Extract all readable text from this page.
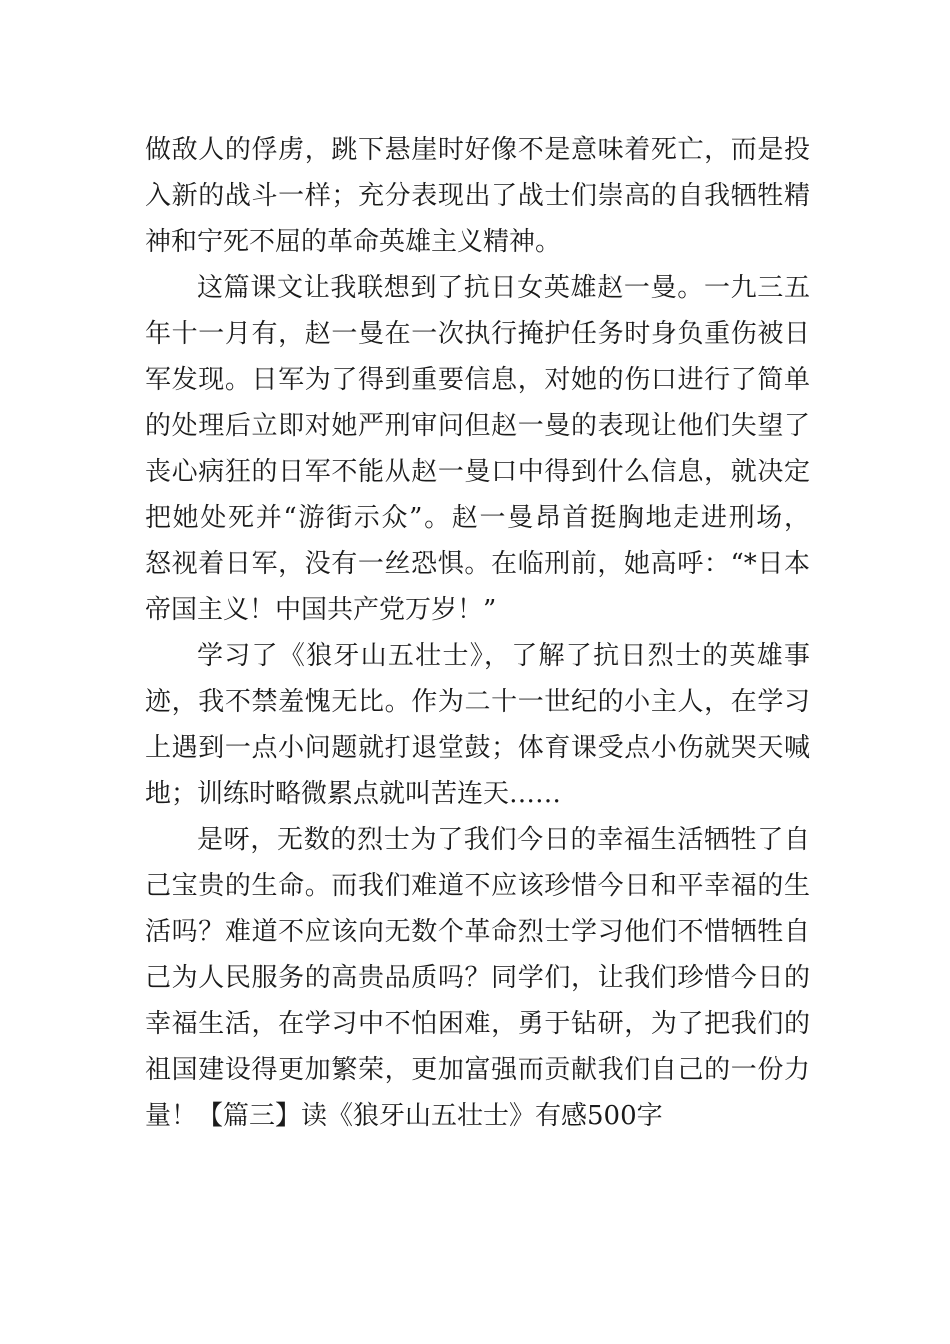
做敌人的俘虏，跳下悬崖时好像不是意味着死亡，而是投
入新的战斗一样；充分表现出了战士们崇高的自我牺牲精
神和宁死不屈的革命英雄主义精神。
这篇课文让我联想到了抗日女英雄赵一曼。一九三五
年十一月有，赵一曼在一次执行掩护任务时身负重伤被日
军发现。日军为了得到重要信息，对她的伤口进行了简单
的处理后立即对她严刑审问但赵一曼的表现让他们失望了
丧心病狂的日军不能从赵一曼口中得到什么信息，就决定
把她处死并“游街示众”。赵一曼昂首挺胸地走进刑场，
怒视着日军，没有一丝恐惧。在临刑前，她高呼：“*日本
帝国主义！中国共产党万岁！”
学习了《狼牙山五壮士》，了解了抗日烈士的英雄事
迹，我不禁羞愧无比。作为二十一世纪的小主人，在学习
上遇到一点小问题就打退堂鼓；体育课受点小伤就哭天喊
地；训练时略微累点就叫苦连天……
是呀，无数的烈士为了我们今日的幸福生活牺牲了自
己宝贵的生命。而我们难道不应该珍惜今日和平幸福的生
活吗？难道不应该向无数个革命烈士学习他们不惜牺牲自
己为人民服务的高贵品质吗？同学们，让我们珍惜今日的
幸福生活，在学习中不怕困难，勇于钻研，为了把我们的
祖国建设得更加繁荣，更加富强而贡献我们自己的一份力
量！【篇三】读《狼牙山五壮士》有感500字
